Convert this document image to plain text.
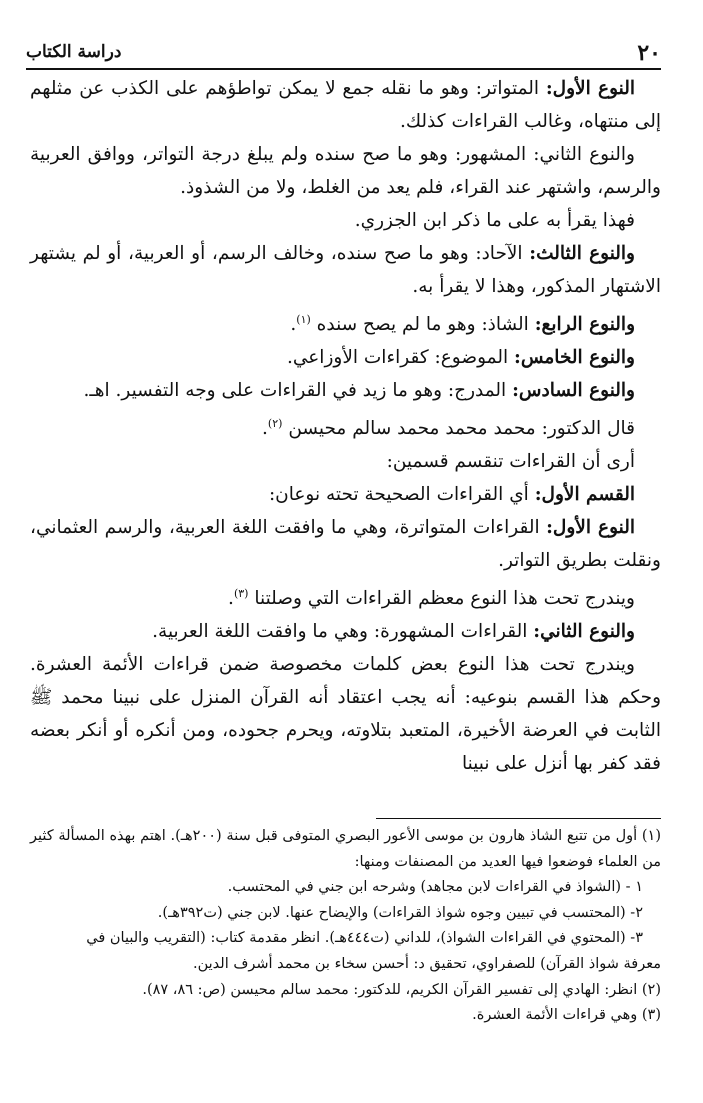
٢٠
دراسة الكتاب

النوع الأول: المتواتر: وهو ما نقله جمع لا يمكن تواطؤهم على الكذب عن مثلهم إلى منتهاه، وغالب القراءات كذلك.

والنوع الثاني: المشهور: وهو ما صح سنده ولم يبلغ درجة التواتر، ووافق العربية والرسم، واشتهر عند القراء، فلم يعد من الغلط، ولا من الشذوذ.

فهذا يقرأ به على ما ذكر ابن الجزري.

والنوع الثالث: الآحاد: وهو ما صح سنده، وخالف الرسم، أو العربية، أو لم يشتهر الاشتهار المذكور، وهذا لا يقرأ به.

والنوع الرابع: الشاذ: وهو ما لم يصح سنده $^{(١)}$.

والنوع الخامس: الموضوع: كقراءات الأوزاعي.

والنوع السادس: المدرج: وهو ما زيد في القراءات على وجه التفسير. اهـ.

قال الدكتور: محمد محمد محمد سالم محيسن $^{(٢)}$.

أرى أن القراءات تنقسم قسمين:

القسم الأول: أي القراءات الصحيحة تحته نوعان:

النوع الأول: القراءات المتواترة، وهي ما وافقت اللغة العربية، والرسم العثماني، ونقلت بطريق التواتر.

ويندرج تحت هذا النوع معظم القراءات التي وصلتنا $^{(٣)}$.

والنوع الثاني: القراءات المشهورة: وهي ما وافقت اللغة العربية.

ويندرج تحت هذا النوع بعض كلمات مخصوصة ضمن قراءات الأئمة العشرة. وحكم هذا القسم بنوعيه: أنه يجب اعتقاد أنه القرآن المنزل على نبينا محمد ﷺ الثابت في العرضة الأخيرة، المتعبد بتلاوته، ويحرم جحوده، ومن أنكره أو أنكر بعضه فقد كفر بها أنزل على نبينا

(١) أول من تتبع الشاذ هارون بن موسى الأعور البصري المتوفى قبل سنة (٢٠٠هـ). اهتم بهذه المسألة كثير من العلماء فوضعوا فيها العديد من المصنفات ومنها:

١ - (الشواذ في القراءات لابن مجاهد) وشرحه ابن جني في المحتسب.

٢- (المحتسب في تبيين وجوه شواذ القراءات) والإيضاح عنها. لابن جني (ت٣٩٢هـ).

٣- (المحتوي في القراءات الشواذ)، للداني (ت٤٤٤هـ). انظر مقدمة كتاب: (التقريب والبيان في

معرفة شواذ القرآن) للصفراوي، تحقيق د: أحسن سخاء بن محمد أشرف الدين.

(٢) انظر: الهادي إلى تفسير القرآن الكريم، للدكتور: محمد سالم محيسن (ص: ٨٦، ٨٧).

(٣) وهي قراءات الأئمة العشرة.
